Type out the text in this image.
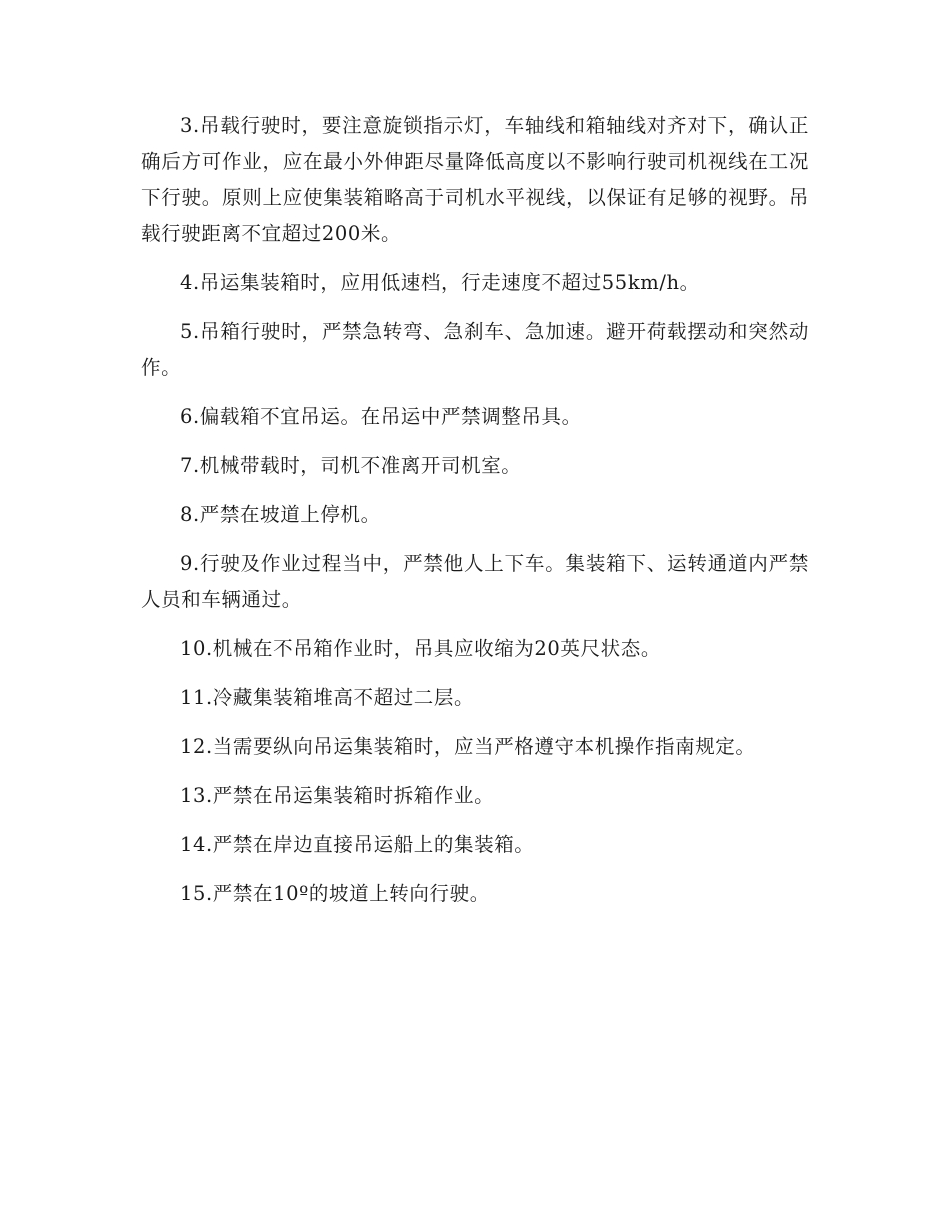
3.吊载行驶时，要注意旋锁指示灯，车轴线和箱轴线对齐对下，确认正确后方可作业，应在最小外伸距尽量降低高度以不影响行驶司机视线在工况下行驶。原则上应使集装箱略高于司机水平视线，以保证有足够的视野。吊载行驶距离不宜超过200米。

4.吊运集装箱时，应用低速档，行走速度不超过55km/h。

5.吊箱行驶时，严禁急转弯、急刹车、急加速。避开荷载摆动和突然动作。

6.偏载箱不宜吊运。在吊运中严禁调整吊具。

7.机械带载时，司机不准离开司机室。

8.严禁在坡道上停机。

9.行驶及作业过程当中，严禁他人上下车。集装箱下、运转通道内严禁人员和车辆通过。

10.机械在不吊箱作业时，吊具应收缩为20英尺状态。

11.冷藏集装箱堆高不超过二层。

12.当需要纵向吊运集装箱时，应当严格遵守本机操作指南规定。

13.严禁在吊运集装箱时拆箱作业。

14.严禁在岸边直接吊运船上的集装箱。

15.严禁在10º的坡道上转向行驶。
